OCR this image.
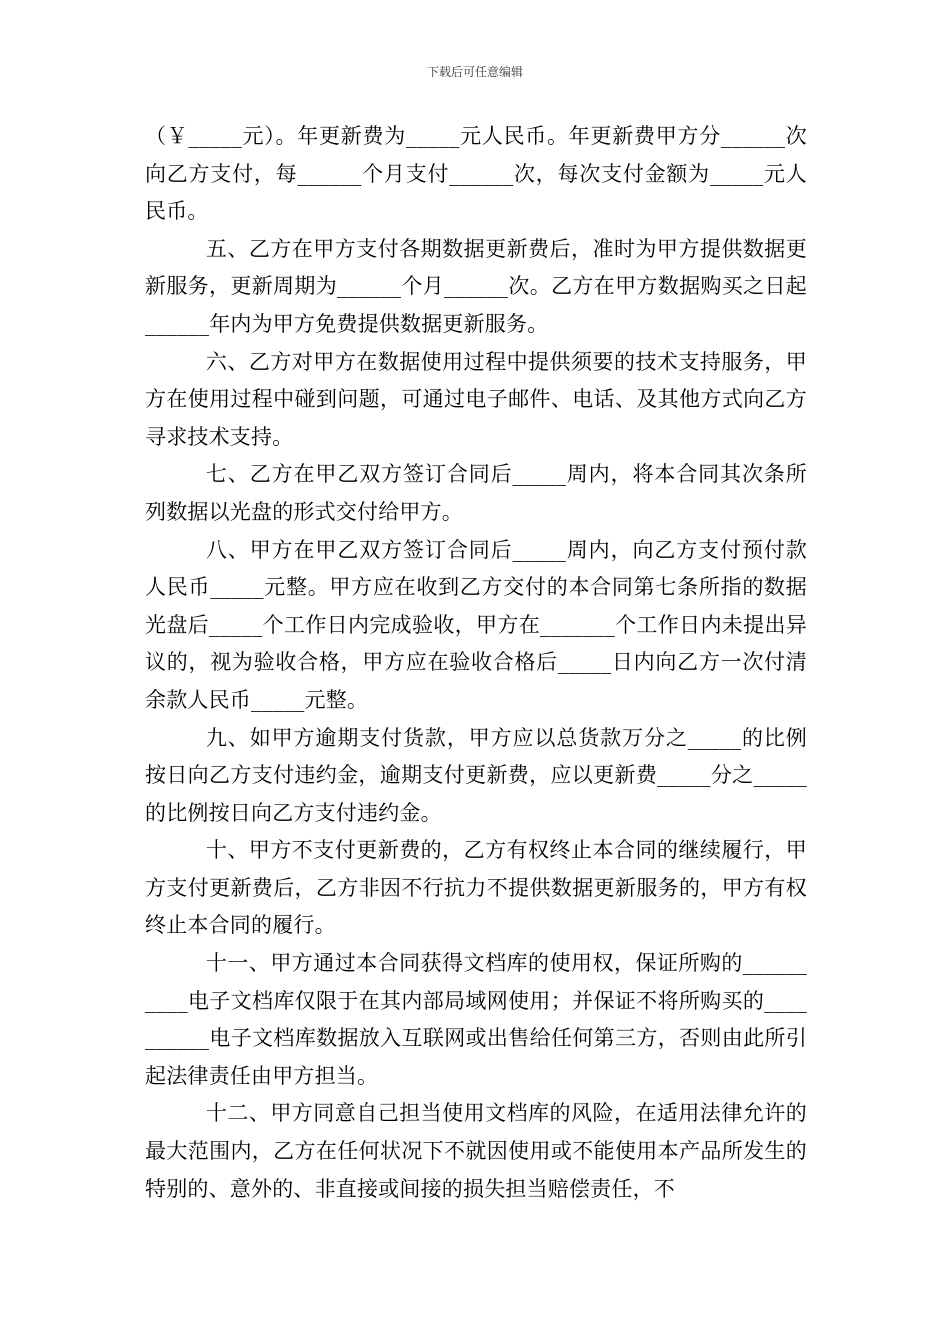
下载后可任意编辑

（￥_____元）。年更新费为_____元人民币。年更新费甲方分______次向乙方支付，每______个月支付______次，每次支付金额为_____元人民币。

五、乙方在甲方支付各期数据更新费后，准时为甲方提供数据更新服务，更新周期为______个月______次。乙方在甲方数据购买之日起______年内为甲方免费提供数据更新服务。

六、乙方对甲方在数据使用过程中提供须要的技术支持服务，甲方在使用过程中碰到问题，可通过电子邮件、电话、及其他方式向乙方寻求技术支持。

七、乙方在甲乙双方签订合同后_____周内，将本合同其次条所列数据以光盘的形式交付给甲方。

八、甲方在甲乙双方签订合同后_____周内，向乙方支付预付款人民币_____元整。甲方应在收到乙方交付的本合同第七条所指的数据光盘后_____个工作日内完成验收，甲方在_______个工作日内未提出异议的，视为验收合格，甲方应在验收合格后_____日内向乙方一次付清余款人民币_____元整。

九、如甲方逾期支付货款，甲方应以总货款万分之_____的比例按日向乙方支付违约金，逾期支付更新费，应以更新费_____分之_____的比例按日向乙方支付违约金。

十、甲方不支付更新费的，乙方有权终止本合同的继续履行，甲方支付更新费后，乙方非因不行抗力不提供数据更新服务的，甲方有权终止本合同的履行。

十一、甲方通过本合同获得文档库的使用权，保证所购的__________电子文档库仅限于在其内部局域网使用；并保证不将所购买的__________电子文档库数据放入互联网或出售给任何第三方，否则由此所引起法律责任由甲方担当。

十二、甲方同意自己担当使用文档库的风险，在适用法律允许的最大范围内，乙方在任何状况下不就因使用或不能使用本产品所发生的特别的、意外的、非直接或间接的损失担当赔偿责任，不
